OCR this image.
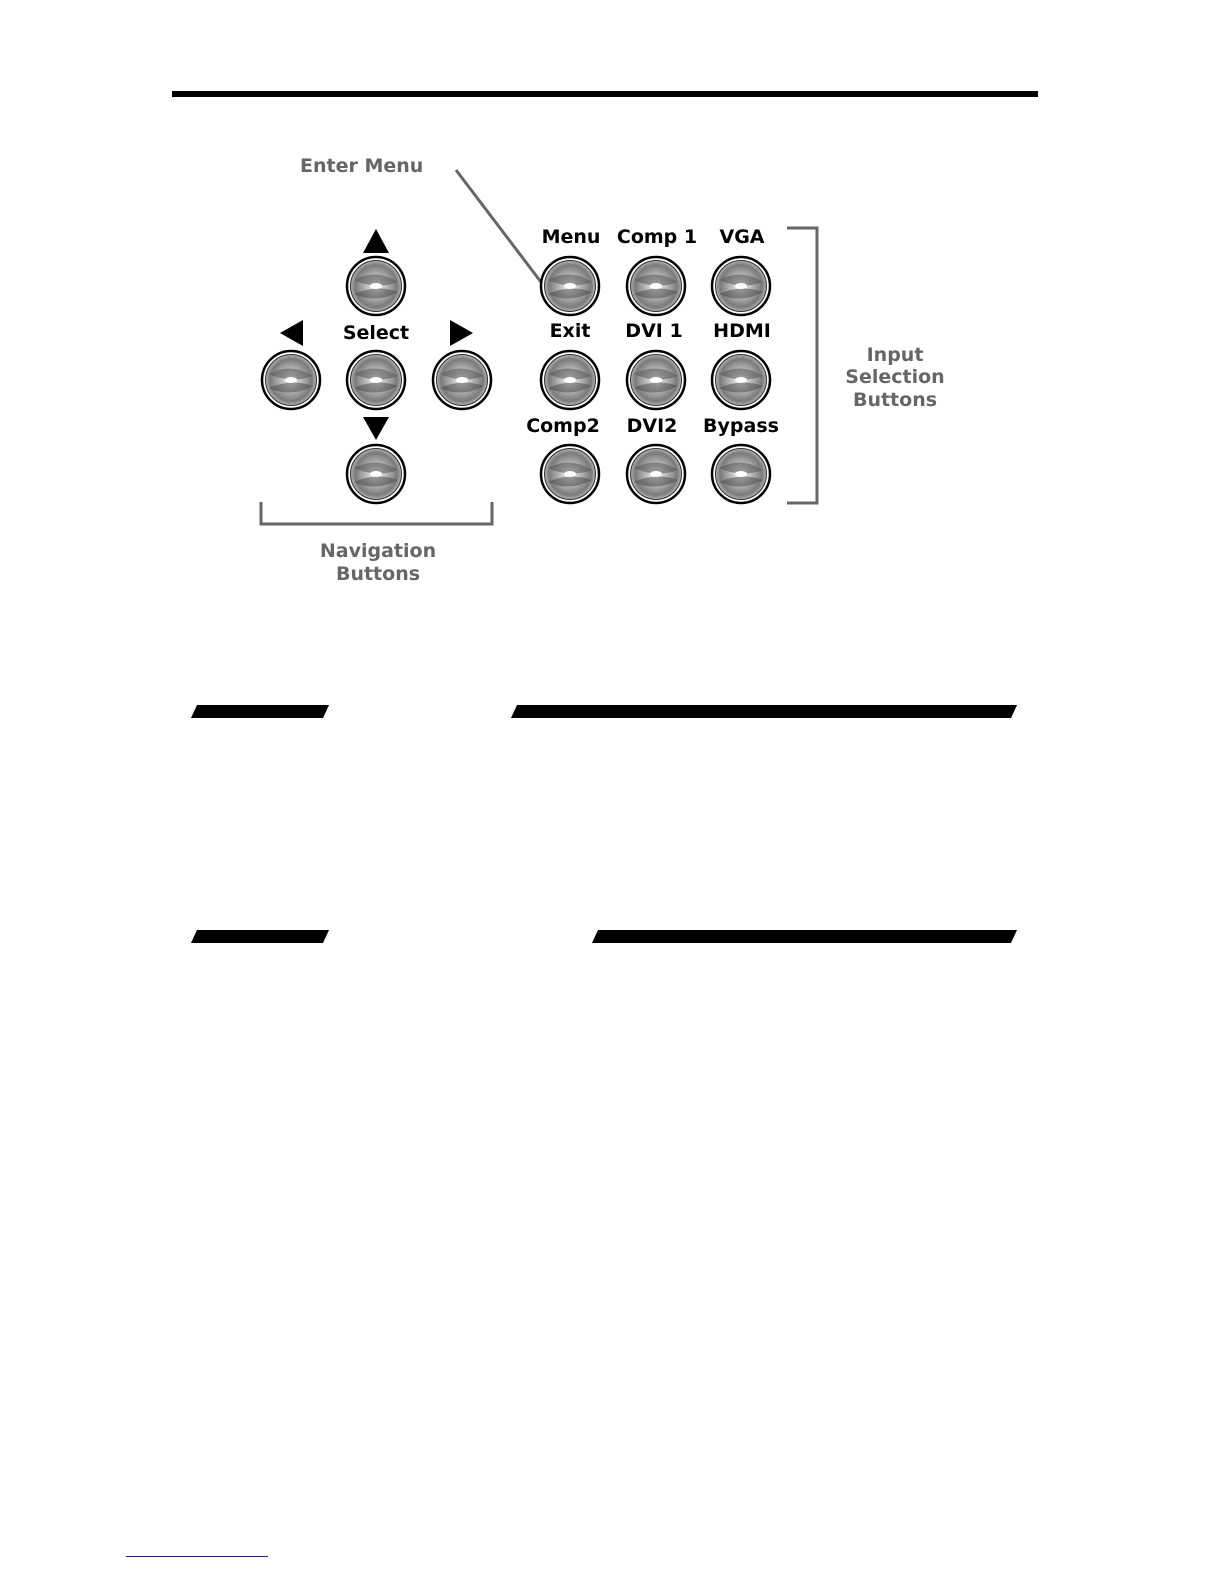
Enter Menu
Select
Navigation
Buttons
Menu Comp 1 VGA
Exit DVI 1 HDMI
Comp2 DVI2 Bypass
Input
Selection
Buttons
